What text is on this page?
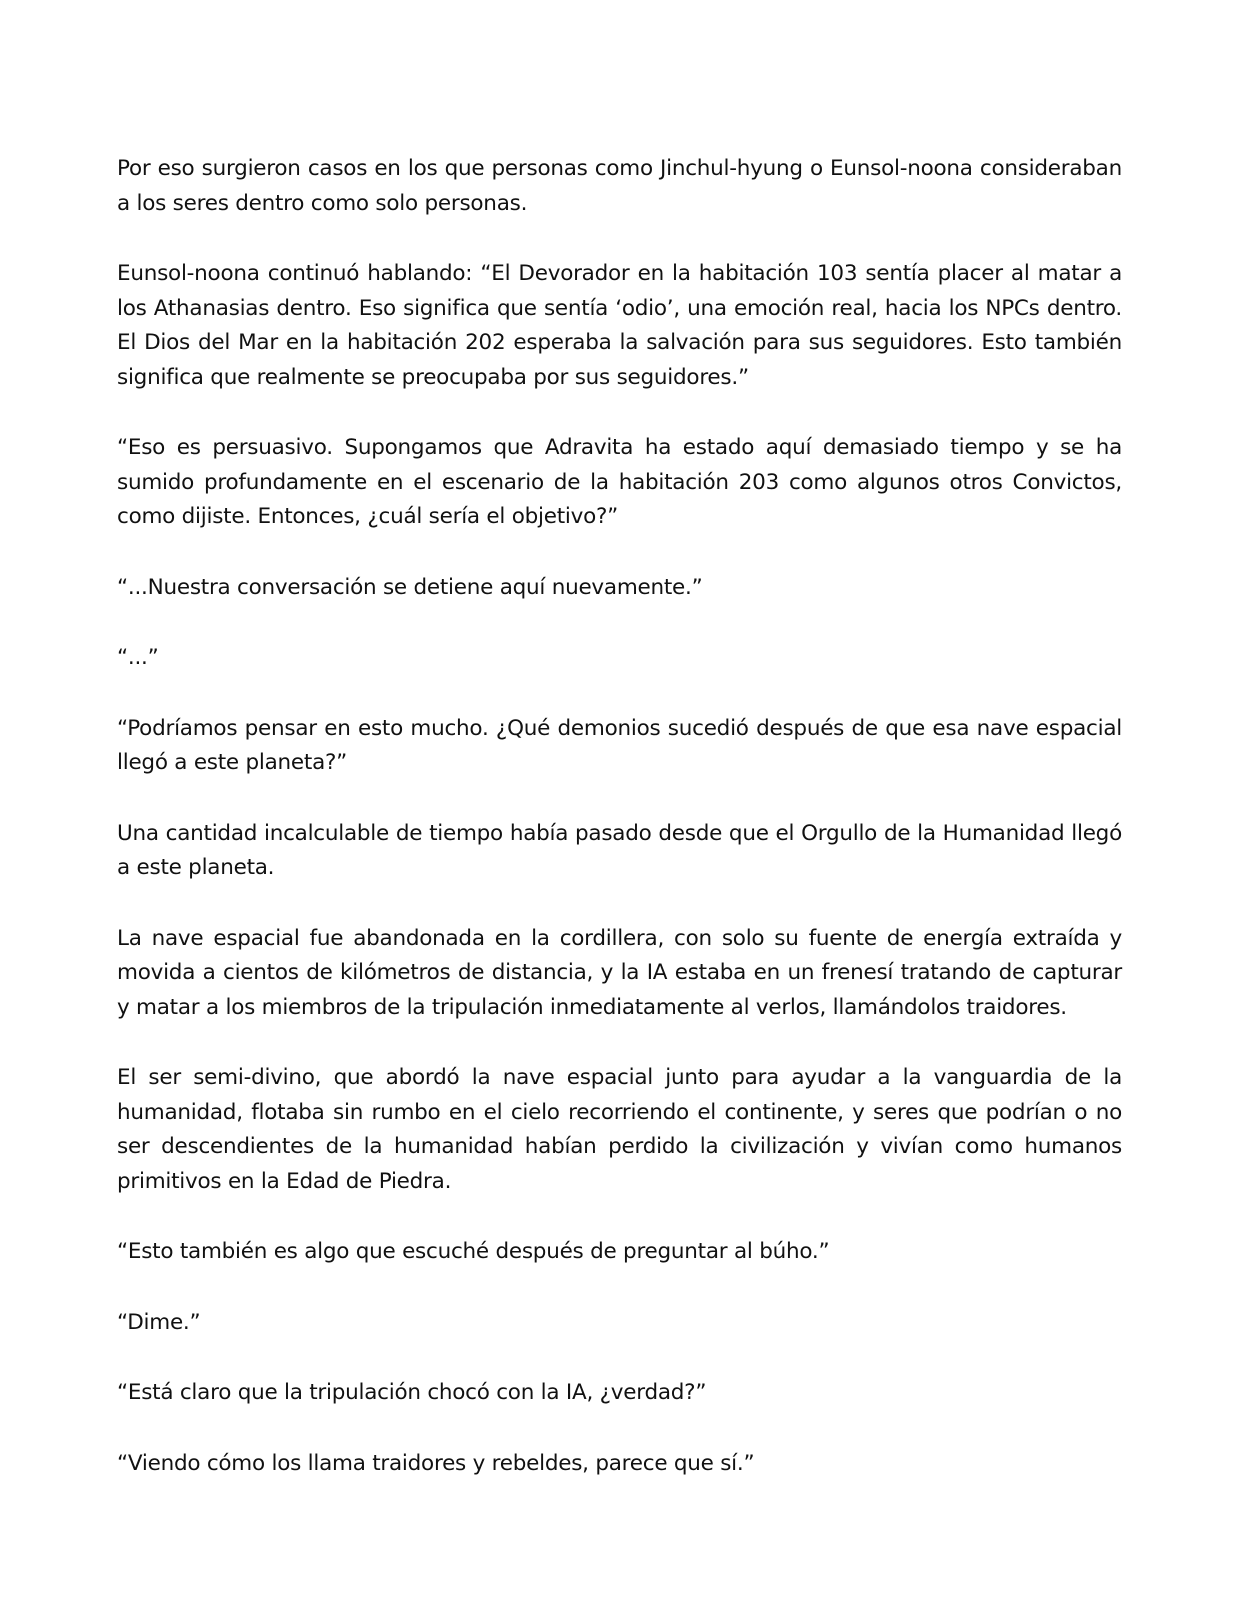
Por eso surgieron casos en los que personas como Jinchul-hyung o Eunsol-noona consideraban a los seres dentro como solo personas.

Eunsol-noona continuó hablando: “El Devorador en la habitación 103 sentía placer al matar a los Athanasias dentro. Eso significa que sentía ‘odio’, una emoción real, hacia los NPCs dentro. El Dios del Mar en la habitación 202 esperaba la salvación para sus seguidores. Esto también significa que realmente se preocupaba por sus seguidores.”

“Eso es persuasivo. Supongamos que Adravita ha estado aquí demasiado tiempo y se ha sumido profundamente en el escenario de la habitación 203 como algunos otros Convictos, como dijiste. Entonces, ¿cuál sería el objetivo?”

“...Nuestra conversación se detiene aquí nuevamente.”

“...”

“Podríamos pensar en esto mucho. ¿Qué demonios sucedió después de que esa nave espacial llegó a este planeta?”

Una cantidad incalculable de tiempo había pasado desde que el Orgullo de la Humanidad llegó a este planeta.

La nave espacial fue abandonada en la cordillera, con solo su fuente de energía extraída y movida a cientos de kilómetros de distancia, y la IA estaba en un frenesí tratando de capturar y matar a los miembros de la tripulación inmediatamente al verlos, llamándolos traidores.

El ser semi-divino, que abordó la nave espacial junto para ayudar a la vanguardia de la humanidad, flotaba sin rumbo en el cielo recorriendo el continente, y seres que podrían o no ser descendientes de la humanidad habían perdido la civilización y vivían como humanos primitivos en la Edad de Piedra.

“Esto también es algo que escuché después de preguntar al búho.”

“Dime.”

“Está claro que la tripulación chocó con la IA, ¿verdad?”

“Viendo cómo los llama traidores y rebeldes, parece que sí.”
